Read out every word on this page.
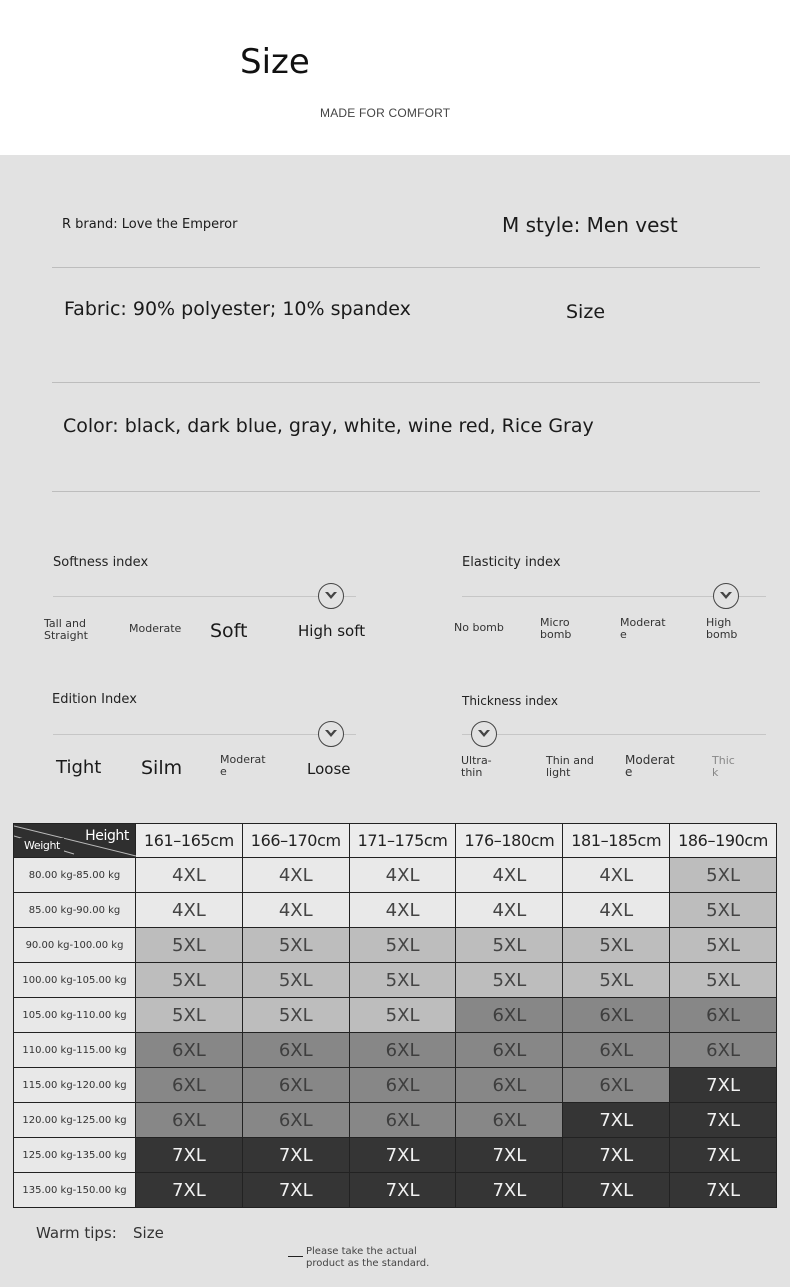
Size
MADE FOR COMFORT
R brand: Love the Emperor	M style: Men vest
Fabric: 90% polyester; 10% spandex	Size
Color: black, dark blue, gray, white, wine red, Rice Gray
Softness index
Tall and
Straight
Moderate Soft	High soft
Elasticity index
No bomb	Micro
bomb
Moderat
e
High
bomb
Edition Index
Tight Silm	Moderat
e	Loose
Thickness index
Ultra-
thin
Thin and
light
Moderat
e
Thic
k
Height
Weight	161–165cm	166–170cm	171–175cm	176–180cm	181–185cm	186–190cm
80.00 kg-85.00 kg	4XL	4XL	4XL	4XL	4XL	5XL
85.00 kg-90.00 kg	4XL	4XL	4XL	4XL	4XL	5XL
90.00 kg-100.00 kg	5XL	5XL	5XL	5XL	5XL	5XL
100.00 kg-105.00 kg	5XL	5XL	5XL	5XL	5XL	5XL
105.00 kg-110.00 kg	5XL	5XL	5XL	6XL	6XL	6XL
110.00 kg-115.00 kg	6XL	6XL	6XL	6XL	6XL	6XL
115.00 kg-120.00 kg	6XL	6XL	6XL	6XL	6XL	7XL
120.00 kg-125.00 kg	6XL	6XL	6XL	6XL	7XL	7XL
125.00 kg-135.00 kg	7XL	7XL	7XL	7XL	7XL	7XL
135.00 kg-150.00 kg	7XL	7XL	7XL	7XL	7XL	7XL
Warm tips: Size
Please take the actual product as the standard.
